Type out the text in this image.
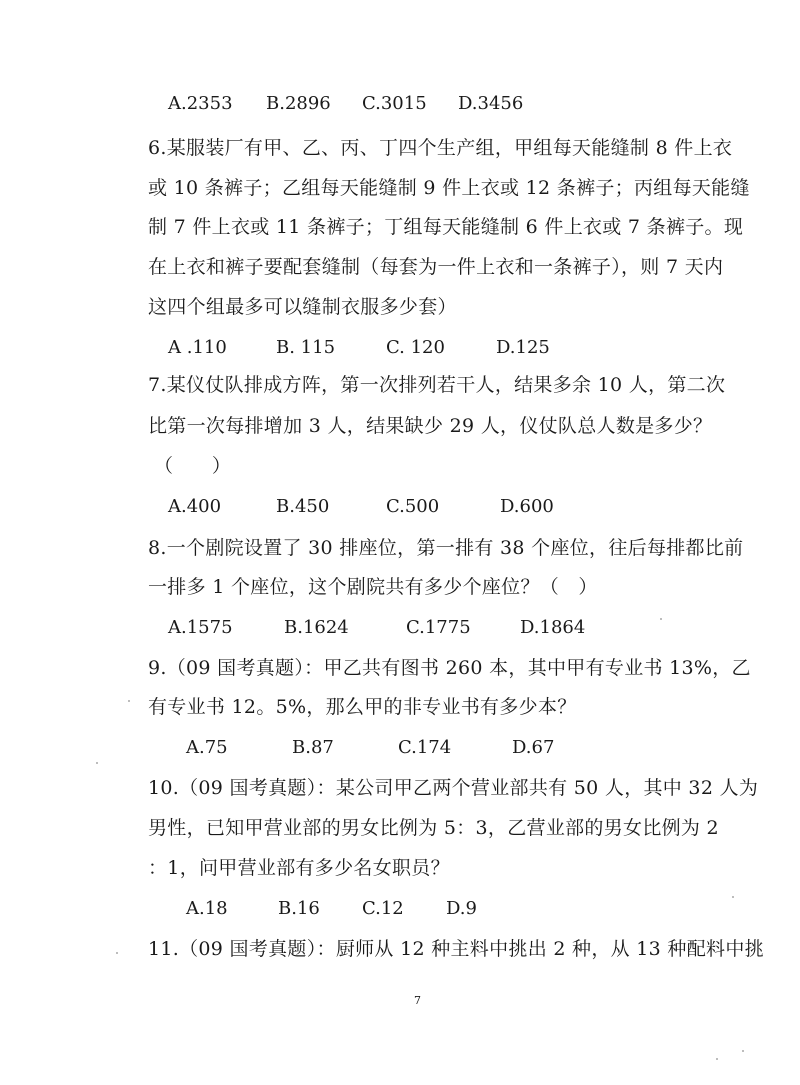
A.2353 B.2896 C.3015 D.3456
6.某服装厂有甲、乙、丙、丁四个生产组，甲组每天能缝制 8 件上衣
或 10 条裤子；乙组每天能缝制 9 件上衣或 12 条裤子；丙组每天能缝
制 7 件上衣或 11 条裤子；丁组每天能缝制 6 件上衣或 7 条裤子。现
在上衣和裤子要配套缝制（每套为一件上衣和一条裤子），则 7 天内
这四个组最多可以缝制衣服多少套）
A .110	B. 115	C. 120	D.125
7.某仪仗队排成方阵，第一次排列若干人，结果多余 10 人，第二次
比第一次每排增加 3 人，结果缺少 29 人，仪仗队总人数是多少？
（　　）
A.400	B.450	C.500	D.600
8.一个剧院设置了 30 排座位，第一排有 38 个座位，往后每排都比前
一排多 1 个座位，这个剧院共有多少个座位？（　）
A.1575	B.1624	C.1775	D.1864
9.（09 国考真题）：甲乙共有图书 260 本，其中甲有专业书 13%，乙
有专业书 12。5%，那么甲的非专业书有多少本？
A.75	B.87	C.174	D.67
10.（09 国考真题）：某公司甲乙两个营业部共有 50 人，其中 32 人为
男性，已知甲营业部的男女比例为 5：3，乙营业部的男女比例为 2
：1，问甲营业部有多少名女职员？
A.18	B.16 C.12 D.9
11.（09 国考真题）：厨师从 12 种主料中挑出 2 种，从 13 种配料中挑
7
